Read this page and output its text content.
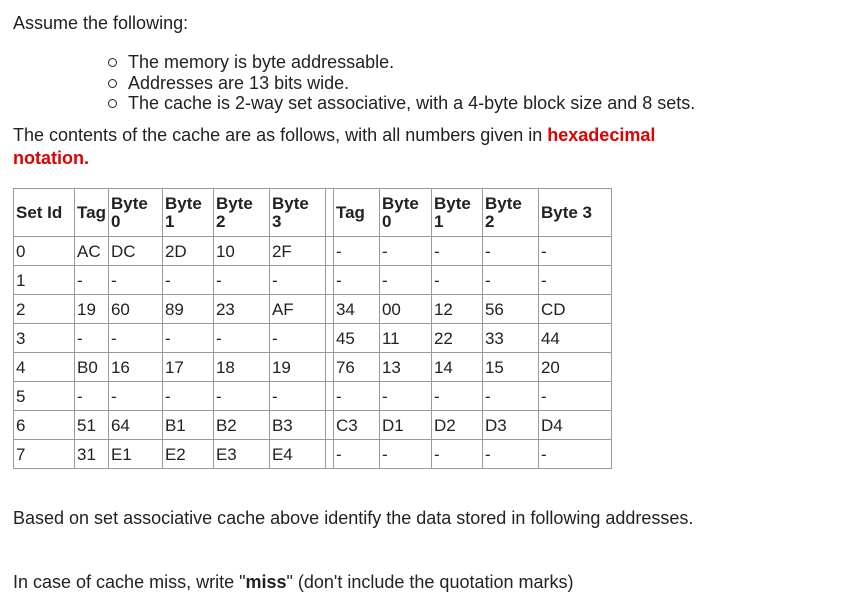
Assume the following:
The memory is byte addressable.
Addresses are 13 bits wide.
The cache is 2-way set associative, with a 4-byte block size and 8 sets.
The contents of the cache are as follows, with all numbers given in hexadecimal notation.
Set Id	Tag	Byte 0	Byte 1	Byte 2	Byte 3		Tag	Byte 0	Byte 1	Byte 2	Byte 3
0	AC	DC	2D	10	2F		-	-	-	-	-
1	-	-	-	-	-		-	-	-	-	-
2	19	60	89	23	AF		34	00	12	56	CD
3	-	-	-	-	-		45	11	22	33	44
4	B0	16	17	18	19		76	13	14	15	20
5	-	-	-	-	-		-	-	-	-	-
6	51	64	B1	B2	B3		C3	D1	D2	D3	D4
7	31	E1	E2	E3	E4		-	-	-	-	-
Based on set associative cache above identify the data stored in following addresses.
In case of cache miss, write "miss" (don't include the quotation marks)
